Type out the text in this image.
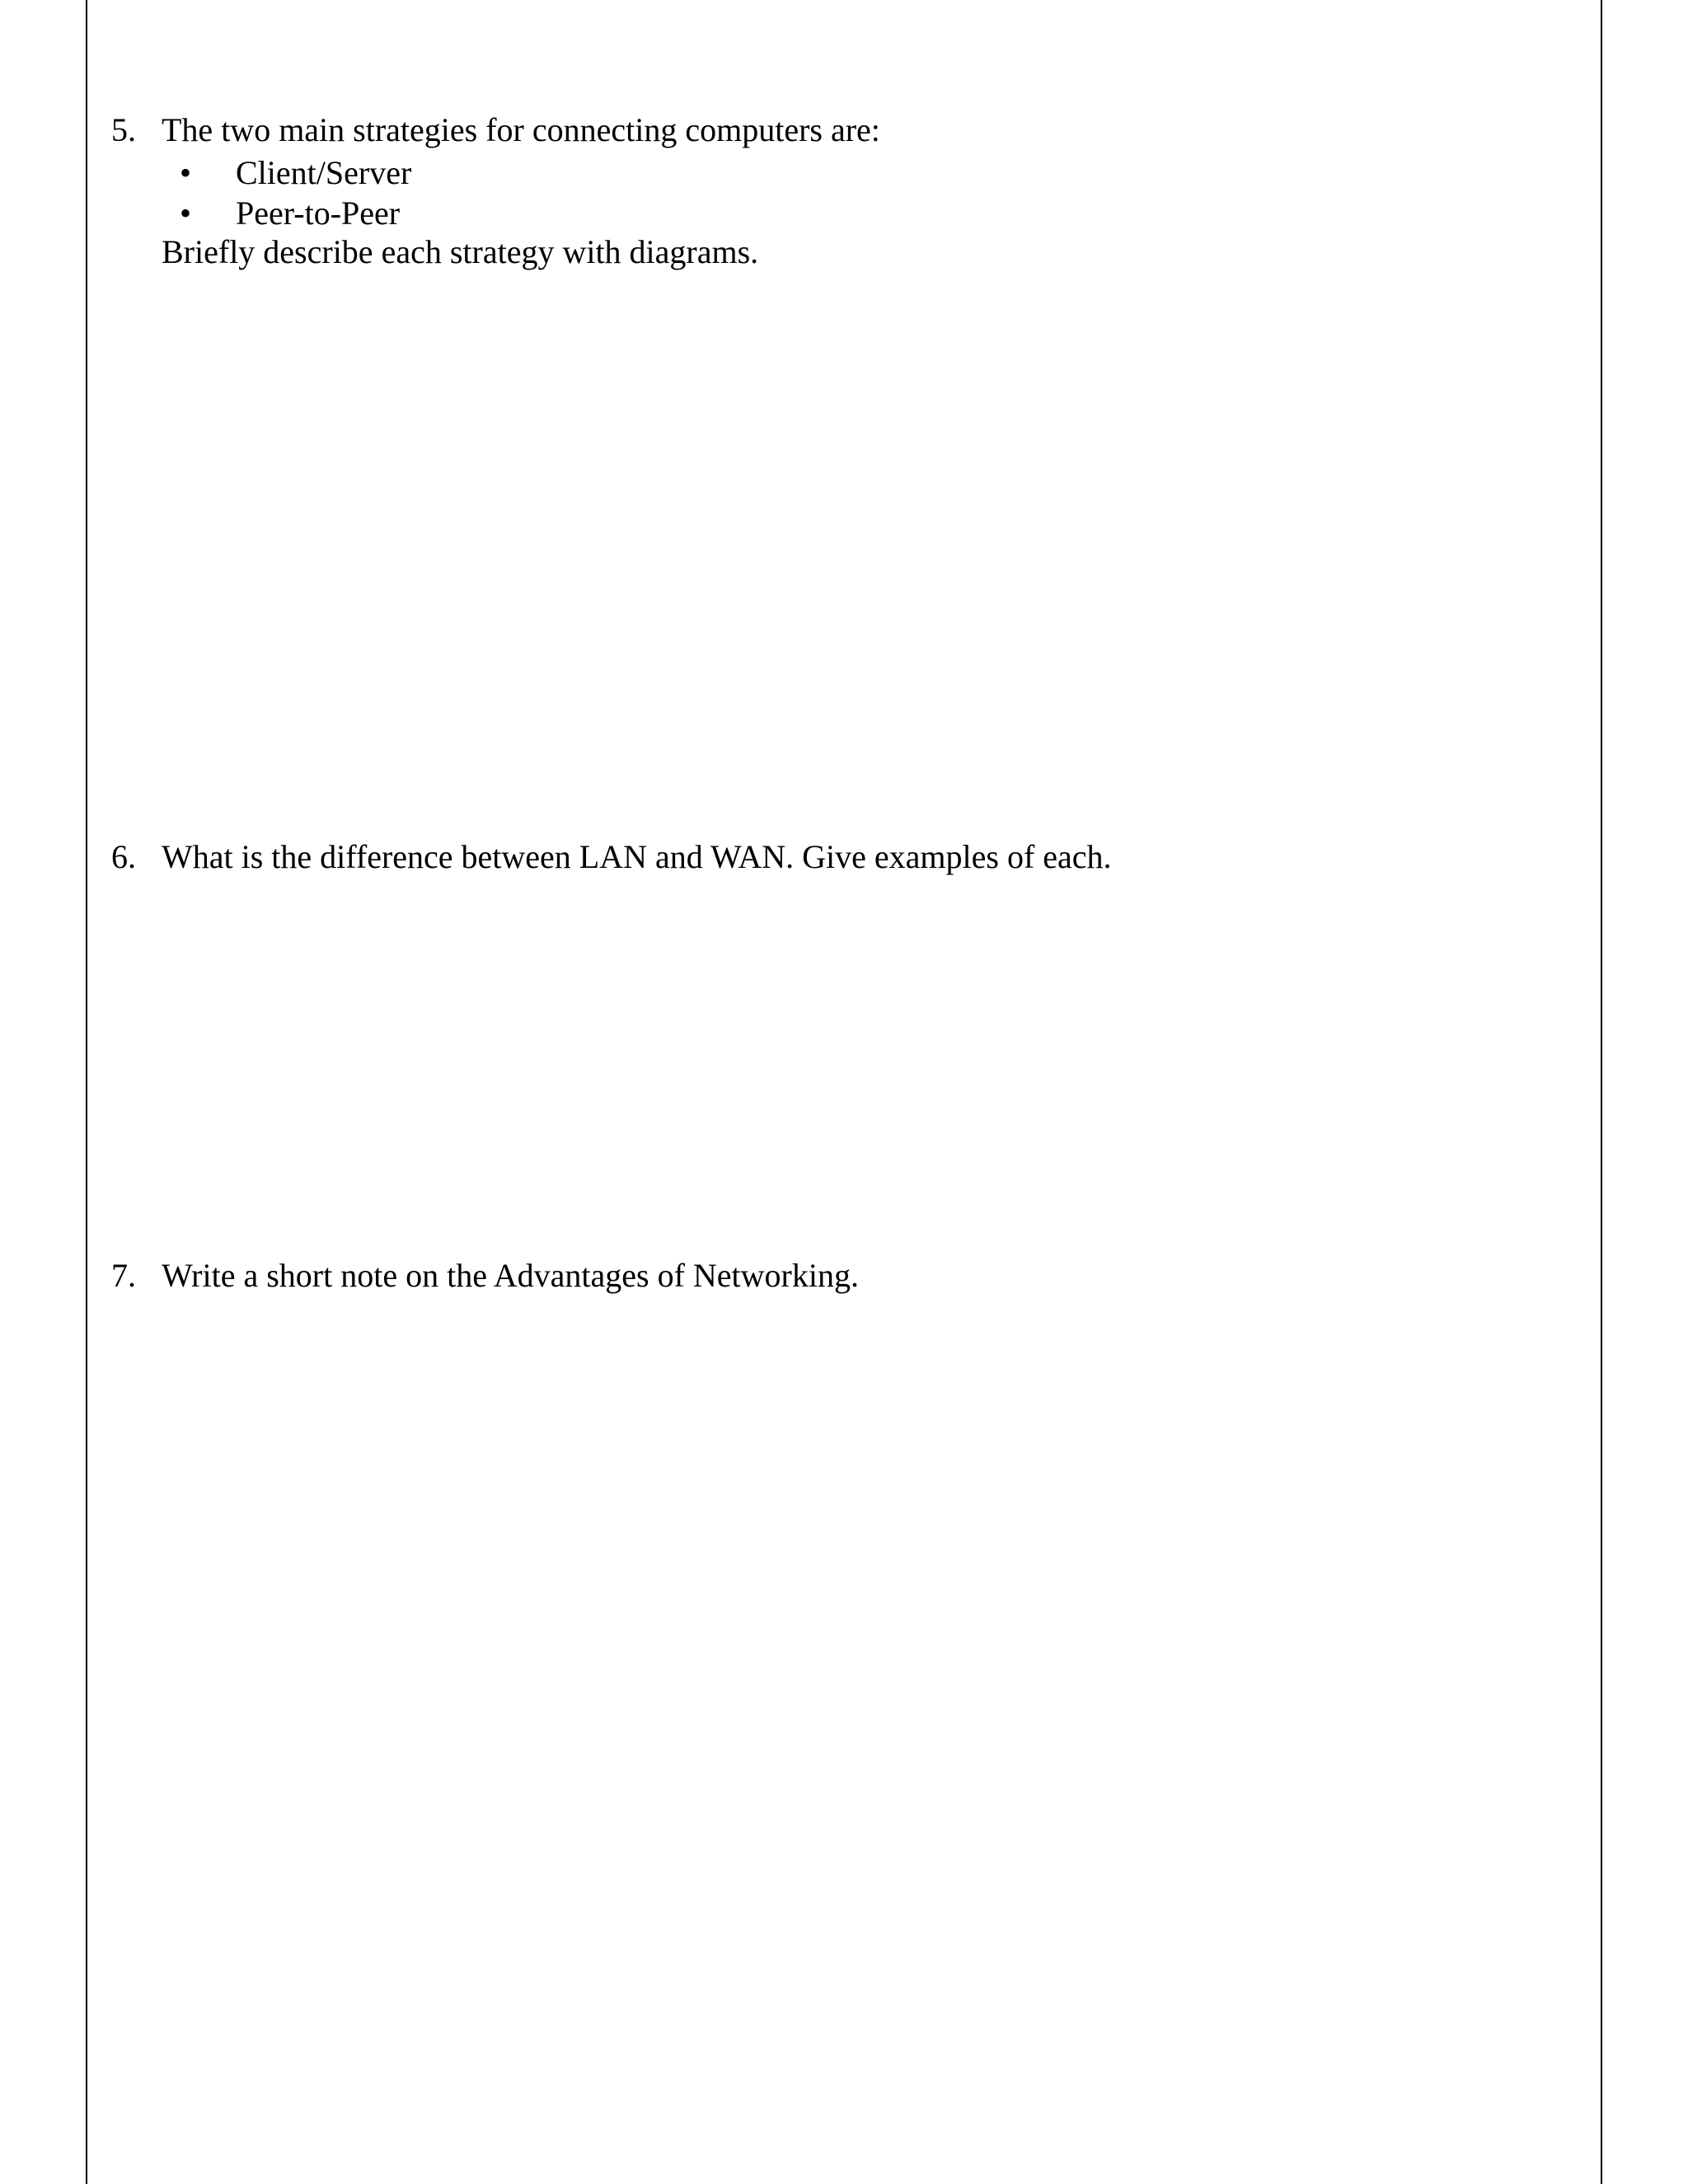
5. The two main strategies for connecting computers are:
• Client/Server
• Peer-to-Peer
Briefly describe each strategy with diagrams.
6. What is the difference between LAN and WAN. Give examples of each.
7. Write a short note on the Advantages of Networking.
